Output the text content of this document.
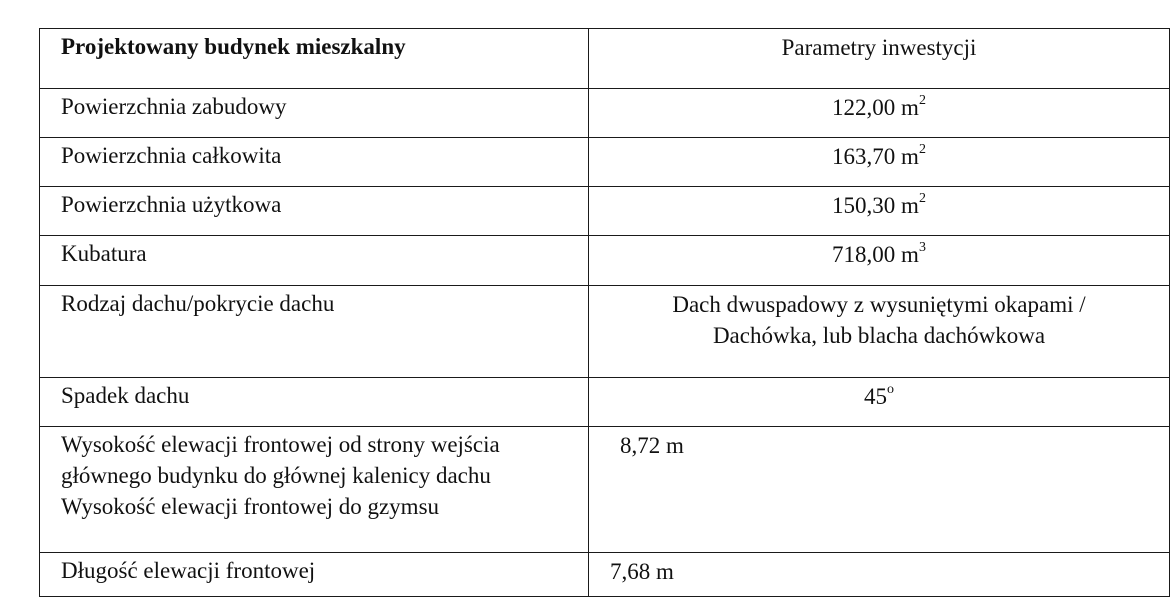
Projektowany budynek mieszkalny	Parametry inwestycji
Powierzchnia zabudowy	122,00 $m^2$
Powierzchnia całkowita	163,70 $m^2$
Powierzchnia użytkowa	150,30 $m^2$
Kubatura	718,00 $m^3$
Rodzaj dachu/pokrycie dachu	Dach dwuspadowy z wysuniętymi okapami /
Dachówka, lub blacha dachówkowa

Spadek dachu	45$^o$

Wysokość elewacji frontowej od strony wejścia
głównego budynku do głównej kalenicy dachu
Wysokość elewacji frontowej do gzymsu	8,72 m
Długość elewacji frontowej	7,68 m
